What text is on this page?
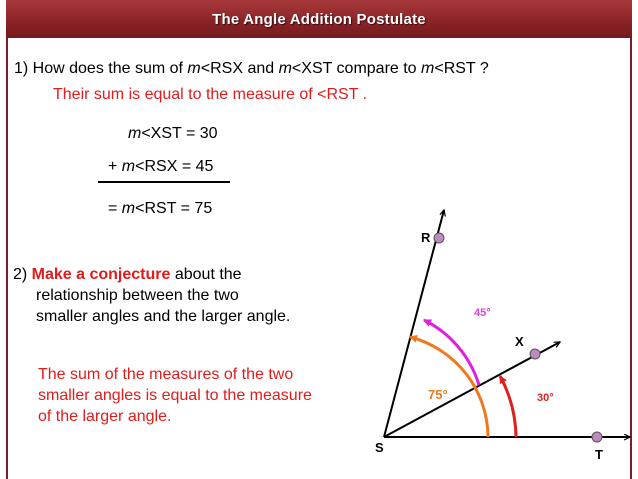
The Angle Addition Postulate
1) How does the sum of m<RSX and m<XST compare to m<RST ?
Their sum is equal to the measure of <RST .
m<XST = 30
+ m<RSX = 45
= m<RST = 75
2) Make a conjecture about the
relationship between the two
smaller angles and the larger angle.
The sum of the measures of the two
smaller angles is equal to the measure
of the larger angle.
R
X
S	T
45°
75°	30°
